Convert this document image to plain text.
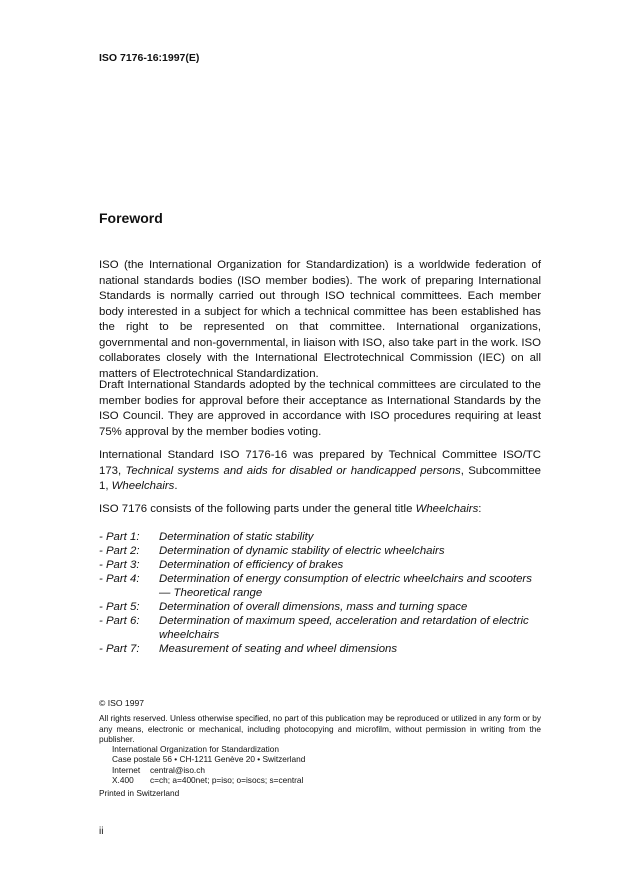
ISO 7176-16:1997(E)
Foreword
ISO (the International Organization for Standardization) is a worldwide federation of national standards bodies (ISO member bodies). The work of preparing International Standards is normally carried out through ISO technical committees. Each member body interested in a subject for which a technical committee has been established has the right to be represented on that committee. International organizations, governmental and non-governmental, in liaison with ISO, also take part in the work. ISO collaborates closely with the International Electrotechnical Commission (IEC) on all matters of Electrotechnical Standardization.
Draft International Standards adopted by the technical committees are circulated to the member bodies for approval before their acceptance as International Standards by the ISO Council. They are approved in accordance with ISO procedures requiring at least 75% approval by the member bodies voting.
International Standard ISO 7176-16 was prepared by Technical Committee ISO/TC 173, Technical systems and aids for disabled or handicapped persons, Subcommittee 1, Wheelchairs.
ISO 7176 consists of the following parts under the general title Wheelchairs:
- Part 1:	Determination of static stability
- Part 2:	Determination of dynamic stability of electric wheelchairs
- Part 3:	Determination of efficiency of brakes
- Part 4:	Determination of energy consumption of electric wheelchairs and scooters — Theoretical range
- Part 5:	Determination of overall dimensions, mass and turning space
- Part 6:	Determination of maximum speed, acceleration and retardation of electric wheelchairs
- Part 7:	Measurement of seating and wheel dimensions
© ISO 1997
All rights reserved. Unless otherwise specified, no part of this publication may be reproduced or utilized in any form or by any means, electronic or mechanical, including photocopying and microfilm, without permission in writing from the publisher.
International Organization for Standardization
Case postale 56 • CH-1211 Genève 20 • Switzerland
Internet	central@iso.ch
X.400	c=ch; a=400net; p=iso; o=isocs; s=central
Printed in Switzerland
ii
